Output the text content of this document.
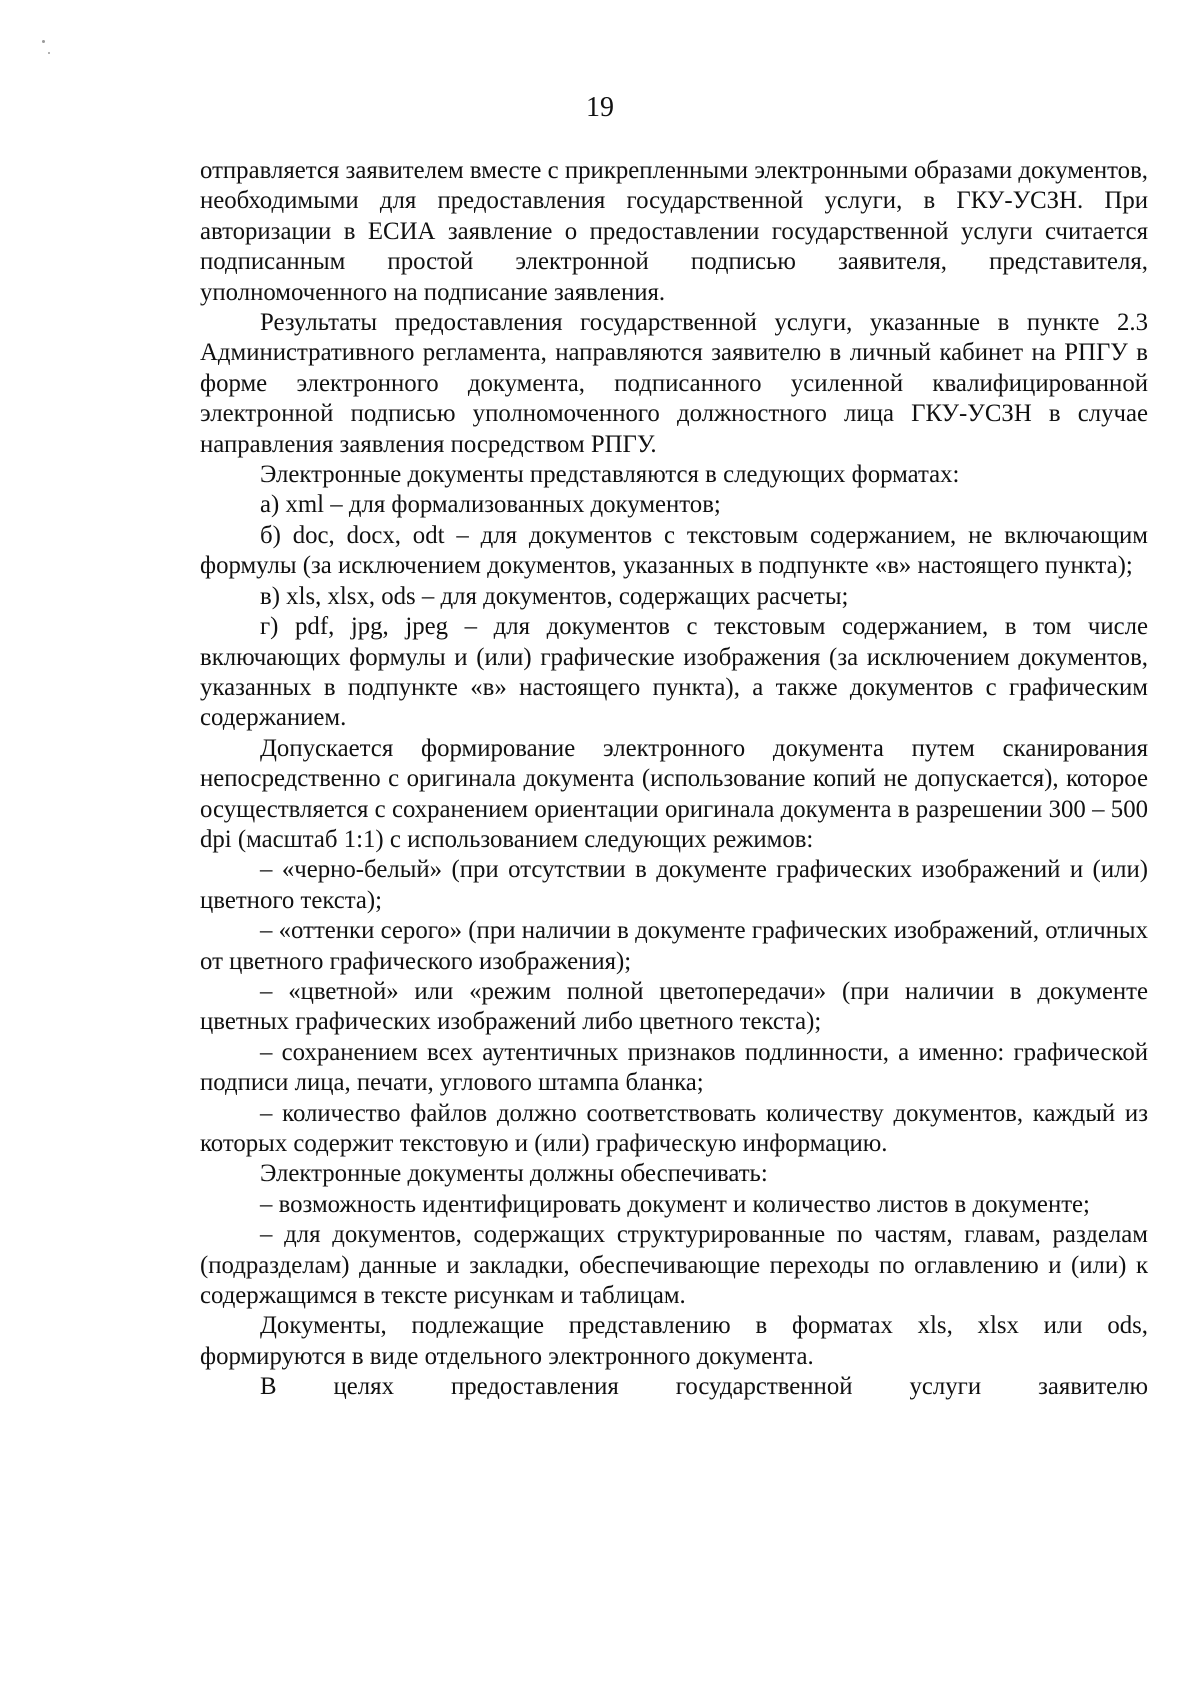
19

отправляется заявителем вместе с прикрепленными электронными образами документов, необходимыми для предоставления государственной услуги, в ГКУ-УСЗН. При авторизации в ЕСИА заявление о предоставлении государственной услуги считается подписанным простой электронной подписью заявителя, представителя, уполномоченного на подписание заявления.

Результаты предоставления государственной услуги, указанные в пункте 2.3 Административного регламента, направляются заявителю в личный кабинет на РПГУ в форме электронного документа, подписанного усиленной квалифицированной электронной подписью уполномоченного должностного лица ГКУ-УСЗН в случае направления заявления посредством РПГУ.

Электронные документы представляются в следующих форматах:

а) xml – для формализованных документов;

б) doc, docx, odt – для документов с текстовым содержанием, не включающим формулы (за исключением документов, указанных в подпункте «в» настоящего пункта);

в) xls, xlsx, ods – для документов, содержащих расчеты;

г) pdf, jpg, jpeg – для документов с текстовым содержанием, в том числе включающих формулы и (или) графические изображения (за исключением документов, указанных в подпункте «в» настоящего пункта), а также документов с графическим содержанием.

Допускается формирование электронного документа путем сканирования непосредственно с оригинала документа (использование копий не допускается), которое осуществляется с сохранением ориентации оригинала документа в разрешении 300 – 500 dpi (масштаб 1:1) с использованием следующих режимов:

– «черно-белый» (при отсутствии в документе графических изображений и (или) цветного текста);

– «оттенки серого» (при наличии в документе графических изображений, отличных от цветного графического изображения);

– «цветной» или «режим полной цветопередачи» (при наличии в документе цветных графических изображений либо цветного текста);

– сохранением всех аутентичных признаков подлинности, а именно: графической подписи лица, печати, углового штампа бланка;

– количество файлов должно соответствовать количеству документов, каждый из которых содержит текстовую и (или) графическую информацию.

Электронные документы должны обеспечивать:

– возможность идентифицировать документ и количество листов в документе;

– для документов, содержащих структурированные по частям, главам, разделам (подразделам) данные и закладки, обеспечивающие переходы по оглавлению и (или) к содержащимся в тексте рисункам и таблицам.

Документы, подлежащие представлению в форматах xls, xlsx или ods, формируются в виде отдельного электронного документа.

В целях предоставления государственной услуги заявителю
